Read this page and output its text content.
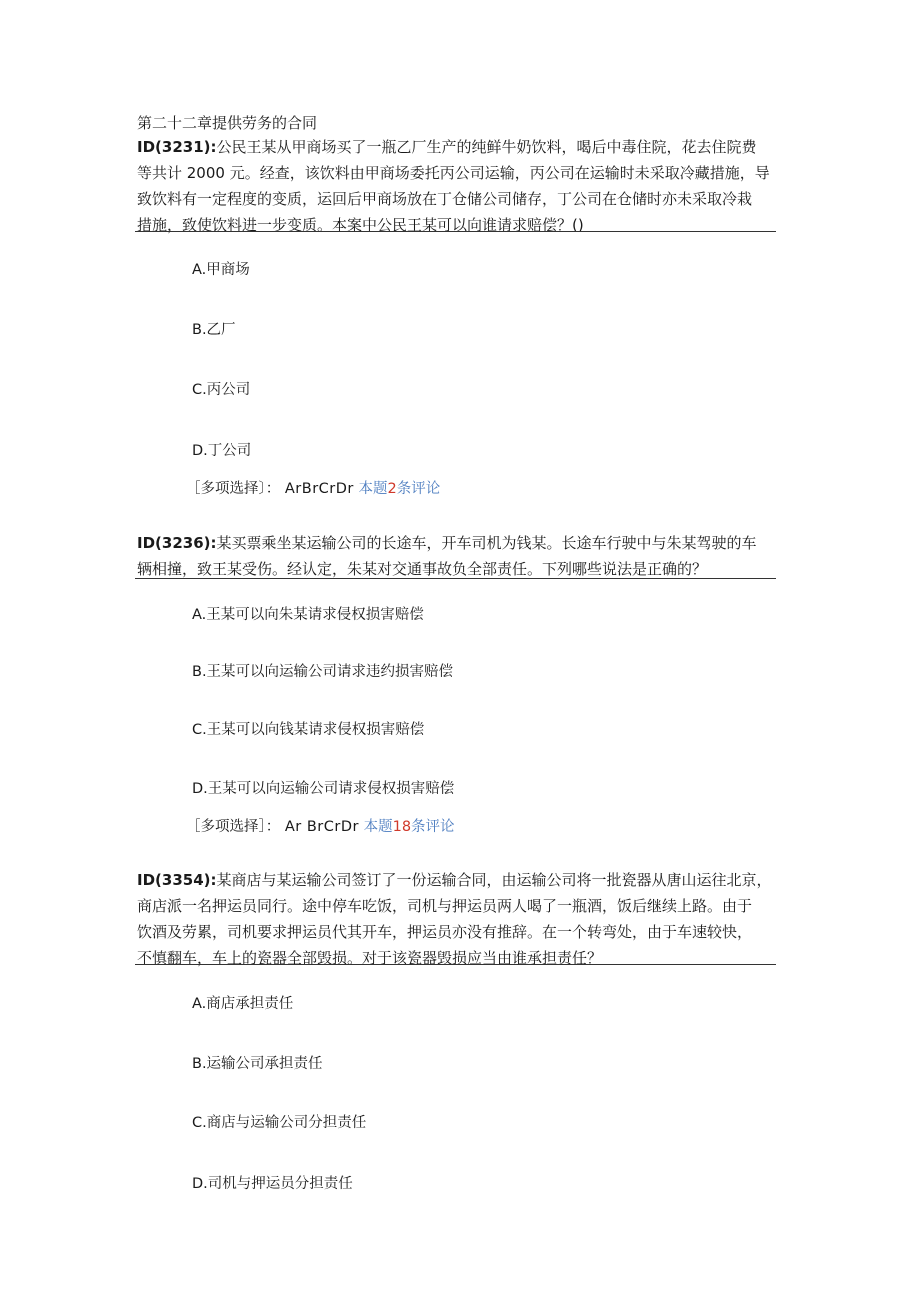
第二十二章提供劳务的合同
ID(3231):公民王某从甲商场买了一瓶乙厂生产的纯鲜牛奶饮料，喝后中毒住院，花去住院费
等共计 2000 元。经查，该饮料由甲商场委托丙公司运输，丙公司在运输时未采取冷藏措施，导
致饮料有一定程度的变质，运回后甲商场放在丁仓储公司储存，丁公司在仓储时亦未采取冷栽
措施，致使饮料进一步变质。本案中公民王某可以向谁请求赔偿？()
A.甲商场
B.乙厂
C.丙公司
D.丁公司
［多项选择〕： ArBrCrDr 本题2条评论
ID(3236):某买票乘坐某运输公司的长途车，开车司机为钱某。长途车行驶中与朱某驾驶的车
辆相撞，致王某受伤。经认定，朱某对交通事故负全部责任。下列哪些说法是正确的？
A.王某可以向朱某请求侵权损害赔偿
B.王某可以向运输公司请求违约损害赔偿
C.王某可以向钱某请求侵权损害赔偿
D.王某可以向运输公司请求侵权损害赔偿
［多项选择］： Ar BrCrDr 本题18条评论
ID(3354):某商店与某运输公司签订了一份运输合同，由运输公司将一批瓷器从唐山运往北京，
商店派一名押运员同行。途中停车吃饭，司机与押运员两人喝了一瓶酒，饭后继续上路。由于
饮酒及劳累，司机要求押运员代其开车，押运员亦没有推辞。在一个转弯处，由于车速较快，
不慎翻车，车上的瓷器全部毁损。对于该瓷器毁损应当由谁承担责任？
A.商店承担责任
B.运输公司承担责任
C.商店与运输公司分担责任
D.司机与押运员分担责任
